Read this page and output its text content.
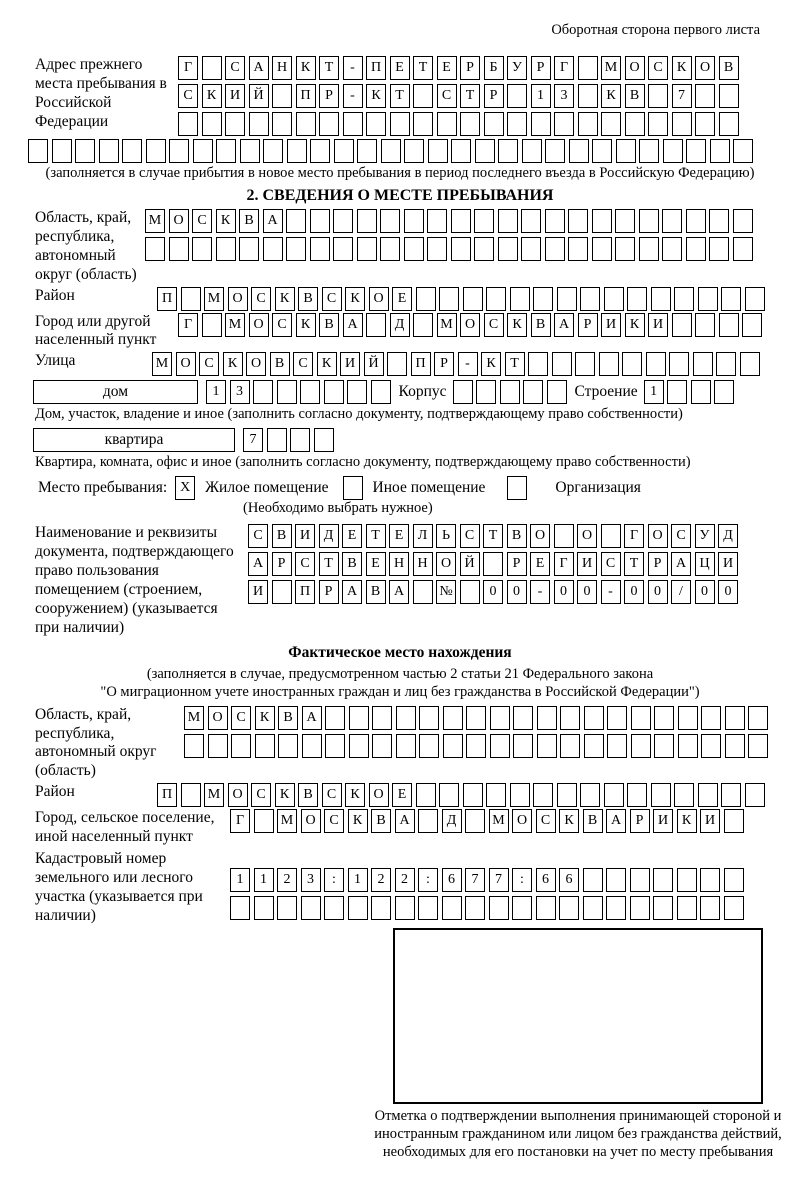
Оборотная сторона первого листа
Адрес прежнего места пребывания в Российской Федерации
Г	С А Н К	Т	-	П	Е	Т	Е	Р	Б	У	Р	Г	М О С	К О В
С	К И Й	П	Р	-	К	Т	С	Т	Р	1	3	К	В	7
(заполняется в случае прибытия в новое место пребывания в период последнего въезда в Российскую Федерацию)
2. СВЕДЕНИЯ О МЕСТЕ ПРЕБЫВАНИЯ
Область, край, республика, автономный округ (область)
М О С	К	В А
Район	П	М О С	К	В	С	К О	Е
Город или другой населенный пункт
Г	М О С	К	В А	Д	М О С	К	В А	Р	И К И
Улица	М О С	К О В	С	К И Й	П	Р	-	К	Т
дом	1	3	Корпус	Строение 1
Дом, участок, владение и иное (заполнить согласно документу, подтверждающему право собственности)
квартира	7
Квартира, комната, офис и иное (заполнить согласно документу, подтверждающему право собственности)
Место пребывания: X Жилое помещение	Иное помещение	Организация
(Необходимо выбрать нужное)
Наименование и реквизиты документа, подтверждающего право пользования помещением (строением, сооружением) (указывается при наличии)
С	В И Д	Е	Т	Е	Л	Ь	С	Т	В О	О	Г	О С У Д
А	Р	С	Т	В	Е	Н Н О Й	Р	Е	Г	И С	Т	Р	А Ц И
И	П	Р	А В А	№	0	0	-	0	0	-	0	0	/	0	0
Фактическое место нахождения
(заполняется в случае, предусмотренном частью 2 статьи 21 Федерального закона
"О миграционном учете иностранных граждан и лиц без гражданства в Российской Федерации")
Область, край, республика, автономный округ (область)
М О С	К	В А
Район	П	М О С	К	В	С	К О	Е
Город, сельское поселение, иной населенный пункт
Г	М О С	К	В А	Д	М О С	К	В А	Р	И К И
Кадастровый номер земельного или лесного участка (указывается при наличии)
1	1	2	3	:	1	2	2	:	6	7	7	:	6	6
Отметка о подтверждении выполнения принимающей стороной и иностранным гражданином или лицом без гражданства действий, необходимых для его постановки на учет по месту пребывания
